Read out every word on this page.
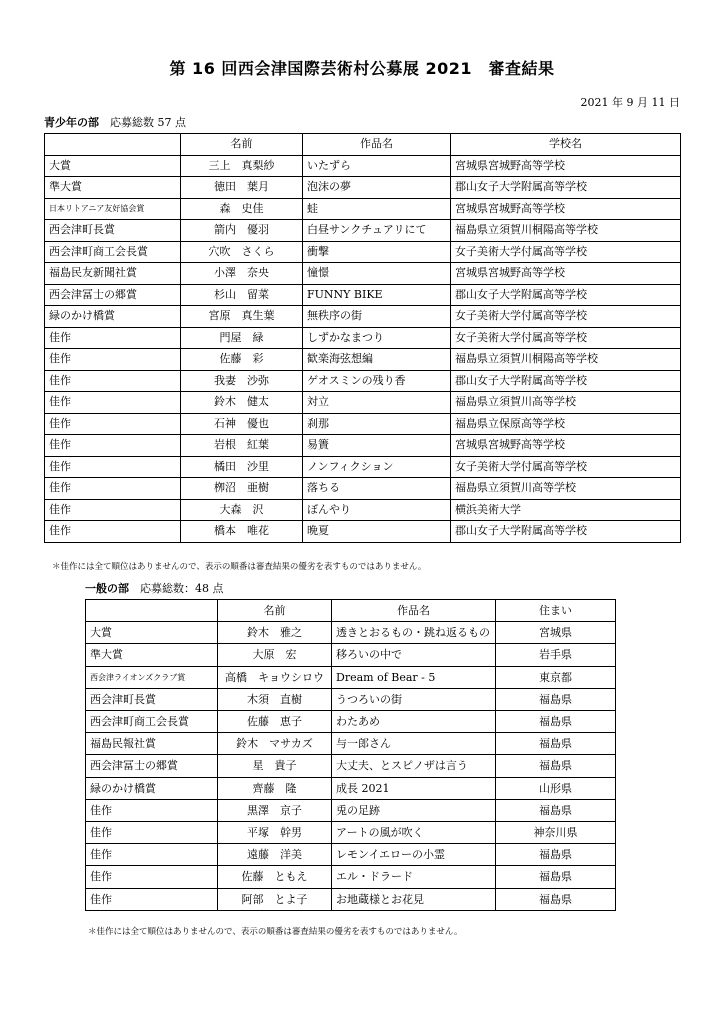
第 16 回西会津国際芸術村公募展 2021　審査結果
2021 年 9 月 11 日
青少年の部　 応募総数 57 点
	名前	作品名	学校名
大賞	三上　真梨紗	いたずら	宮城県宮城野高等学校
準大賞	徳田　葉月	泡沫の夢	郡山女子大学附属高等学校
日本リトアニア友好協会賞	森　史佳	蛙	宮城県宮城野高等学校
西会津町長賞	箭内　優羽	白昼サンクチュアリにて	福島県立須賀川桐陽高等学校
西会津町商工会長賞	穴吹　さくら	衝撃	女子美術大学付属高等学校
福島民友新聞社賞	小澤　奈央	憧憬	宮城県宮城野高等学校
西会津冨士の郷賞	杉山　留菜	FUNNY BIKE	郡山女子大学附属高等学校
緑のかけ橋賞	宮原　真生葉	無秩序の街	女子美術大学付属高等学校
佳作	門屋　緑	しずかなまつり	女子美術大学付属高等学校
佳作	佐藤　彩	歓楽海弦想編	福島県立須賀川桐陽高等学校
佳作	我妻　沙弥	ゲオスミンの残り香	郡山女子大学附属高等学校
佳作	鈴木　健太	対立	福島県立須賀川高等学校
佳作	石神　優也	刹那	福島県立保原高等学校
佳作	岩根　紅葉	易簀	宮城県宮城野高等学校
佳作	橘田　沙里	ノンフィクション	女子美術大学付属高等学校
佳作	栁沼　亜樹	落ちる	福島県立須賀川高等学校
佳作	大森　沢	ぼんやり	横浜美術大学
佳作	橋本　唯花	晩夏	郡山女子大学附属高等学校
＊佳作には全て順位はありませんので、表示の順番は審査結果の優劣を表すものではありません。
一般の部　 応募総数：48 点
	名前	作品名	住まい
大賞	鈴木　雅之	透きとおるもの・跳ね返るもの	宮城県
準大賞	大原　宏	移ろいの中で	岩手県
西会津ライオンズクラブ賞	高橋　キョウシロウ	Dream of Bear - 5	東京都
西会津町長賞	木須　直樹	うつろいの街	福島県
西会津町商工会長賞	佐藤　恵子	わたあめ	福島県
福島民報社賞	鈴木　マサカズ	与一郎さん	福島県
西会津冨士の郷賞	星　貴子	大丈夫、とスピノザは言う	福島県
緑のかけ橋賞	齊藤　隆	成長 2021	山形県
佳作	黒澤　京子	兎の足跡	福島県
佳作	平塚　幹男	アートの風が吹く	神奈川県
佳作	遠藤　洋美	レモンイエローの小霊	福島県
佳作	佐藤　ともえ	エル・ドラード	福島県
佳作	阿部　とよ子	お地蔵様とお花見	福島県
＊佳作には全て順位はありませんので、表示の順番は審査結果の優劣を表すものではありません。
